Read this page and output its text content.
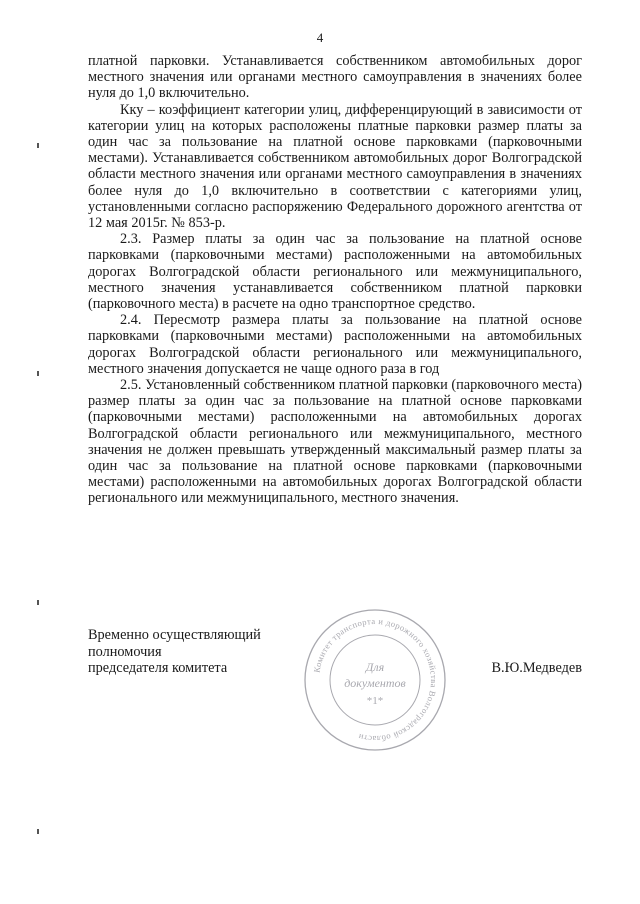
4

платной парковки. Устанавливается собственником автомобильных дорог местного значения или органами местного самоуправления в значениях более нуля до 1,0 включительно.

Кку – коэффициент категории улиц, дифференцирующий в зависимости от категории улиц на которых расположены платные парковки размер платы за один час за пользование на платной основе парковками (парковочными местами). Устанавливается собственником автомобильных дорог Волгоградской области местного значения или органами местного самоуправления в значениях более нуля до 1,0 включительно в соответствии с категориями улиц, установленными согласно распоряжению Федерального дорожного агентства от 12 мая 2015г. № 853-р.

2.3. Размер платы за один час за пользование на платной основе парковками (парковочными местами) расположенными на автомобильных дорогах Волгоградской области регионального или межмуниципального, местного значения устанавливается собственником платной парковки (парковочного места) в расчете на одно транспортное средство.

2.4. Пересмотр размера платы за пользование на платной основе парковками (парковочными местами) расположенными на автомобильных дорогах Волгоградской области регионального или межмуниципального, местного значения допускается не чаще одного раза в год

2.5. Установленный собственником платной парковки (парковочного места) размер платы за один час за пользование на платной основе парковками (парковочными местами) расположенными на автомобильных дорогах Волгоградской области регионального или межмуниципального, местного значения не должен превышать утвержденный максимальный размер платы за один час за пользование на платной основе парковками (парковочными местами) расположенными на автомобильных дорогах Волгоградской области регионального или межмуниципального, местного значения.

Временно осуществляющий

полномочия

председателя комитета	В.Ю.Медведев

Комитет транспорта и дорожного хозяйства Волгоградской области
Для
документов
*1*
